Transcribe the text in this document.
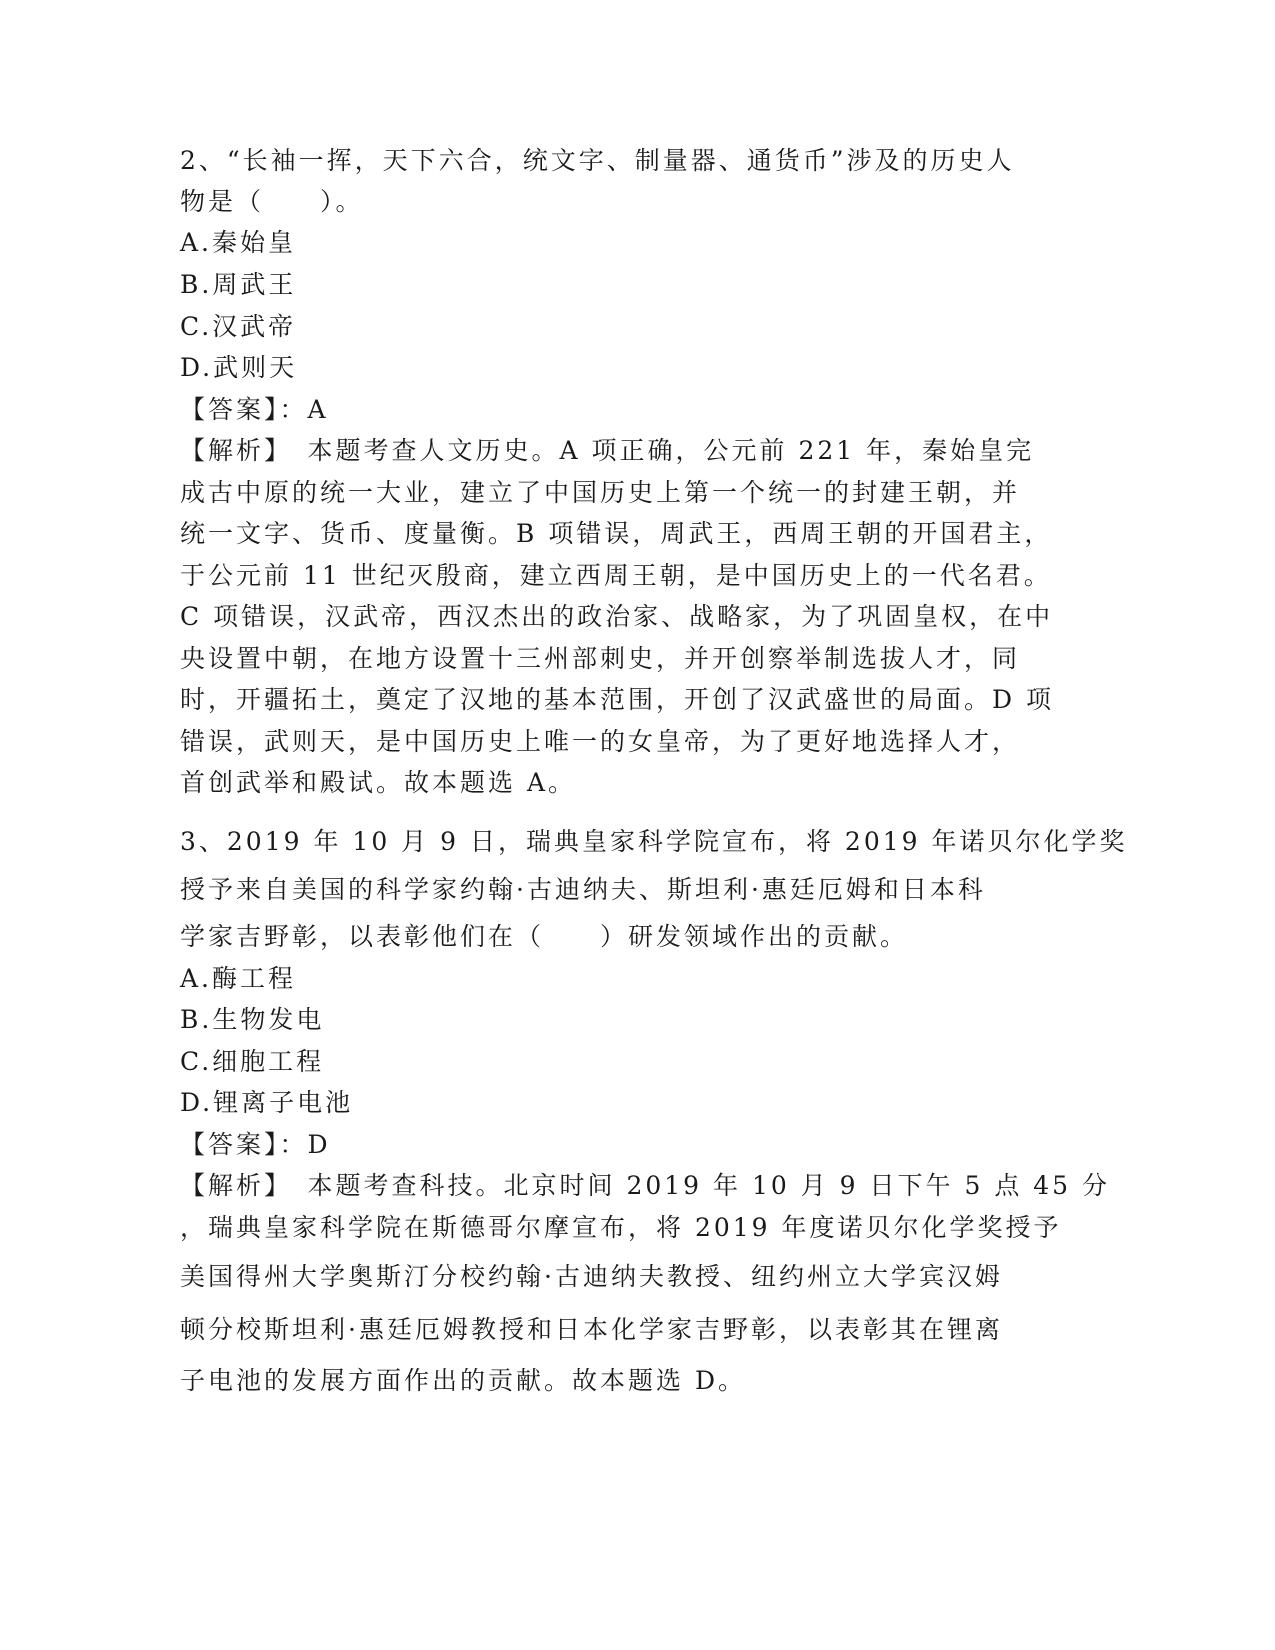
2、“长袖一挥，天下六合，统文字、制量器、通货币”涉及的历史人
物是（　　）。
A.秦始皇
B.周武王
C.汉武帝
D.武则天
【答案】：A
【解析】　本题考查人文历史。A 项正确，公元前 221 年，秦始皇完
成古中原的统一大业，建立了中国历史上第一个统一的封建王朝，并
统一文字、货币、度量衡。B 项错误，周武王，西周王朝的开国君主，
于公元前 11 世纪灭殷商，建立西周王朝，是中国历史上的一代名君。
C 项错误，汉武帝，西汉杰出的政治家、战略家，为了巩固皇权，在中
央设置中朝，在地方设置十三州部刺史，并开创察举制选拔人才，同
时，开疆拓土，奠定了汉地的基本范围，开创了汉武盛世的局面。D 项
错误，武则天，是中国历史上唯一的女皇帝，为了更好地选择人才，
首创武举和殿试。故本题选 A。
3、2019 年 10 月 9 日，瑞典皇家科学院宣布，将 2019 年诺贝尔化学奖
授予来自美国的科学家约翰·古迪纳夫、斯坦利·惠廷厄姆和日本科
学家吉野彰，以表彰他们在（　　）研发领域作出的贡献。
A.酶工程
B.生物发电
C.细胞工程
D.锂离子电池
【答案】：D
【解析】　本题考查科技。北京时间 2019 年 10 月 9 日下午 5 点 45 分
，瑞典皇家科学院在斯德哥尔摩宣布，将 2019 年度诺贝尔化学奖授予
美国得州大学奥斯汀分校约翰·古迪纳夫教授、纽约州立大学宾汉姆
顿分校斯坦利·惠廷厄姆教授和日本化学家吉野彰，以表彰其在锂离
子电池的发展方面作出的贡献。故本题选 D。
